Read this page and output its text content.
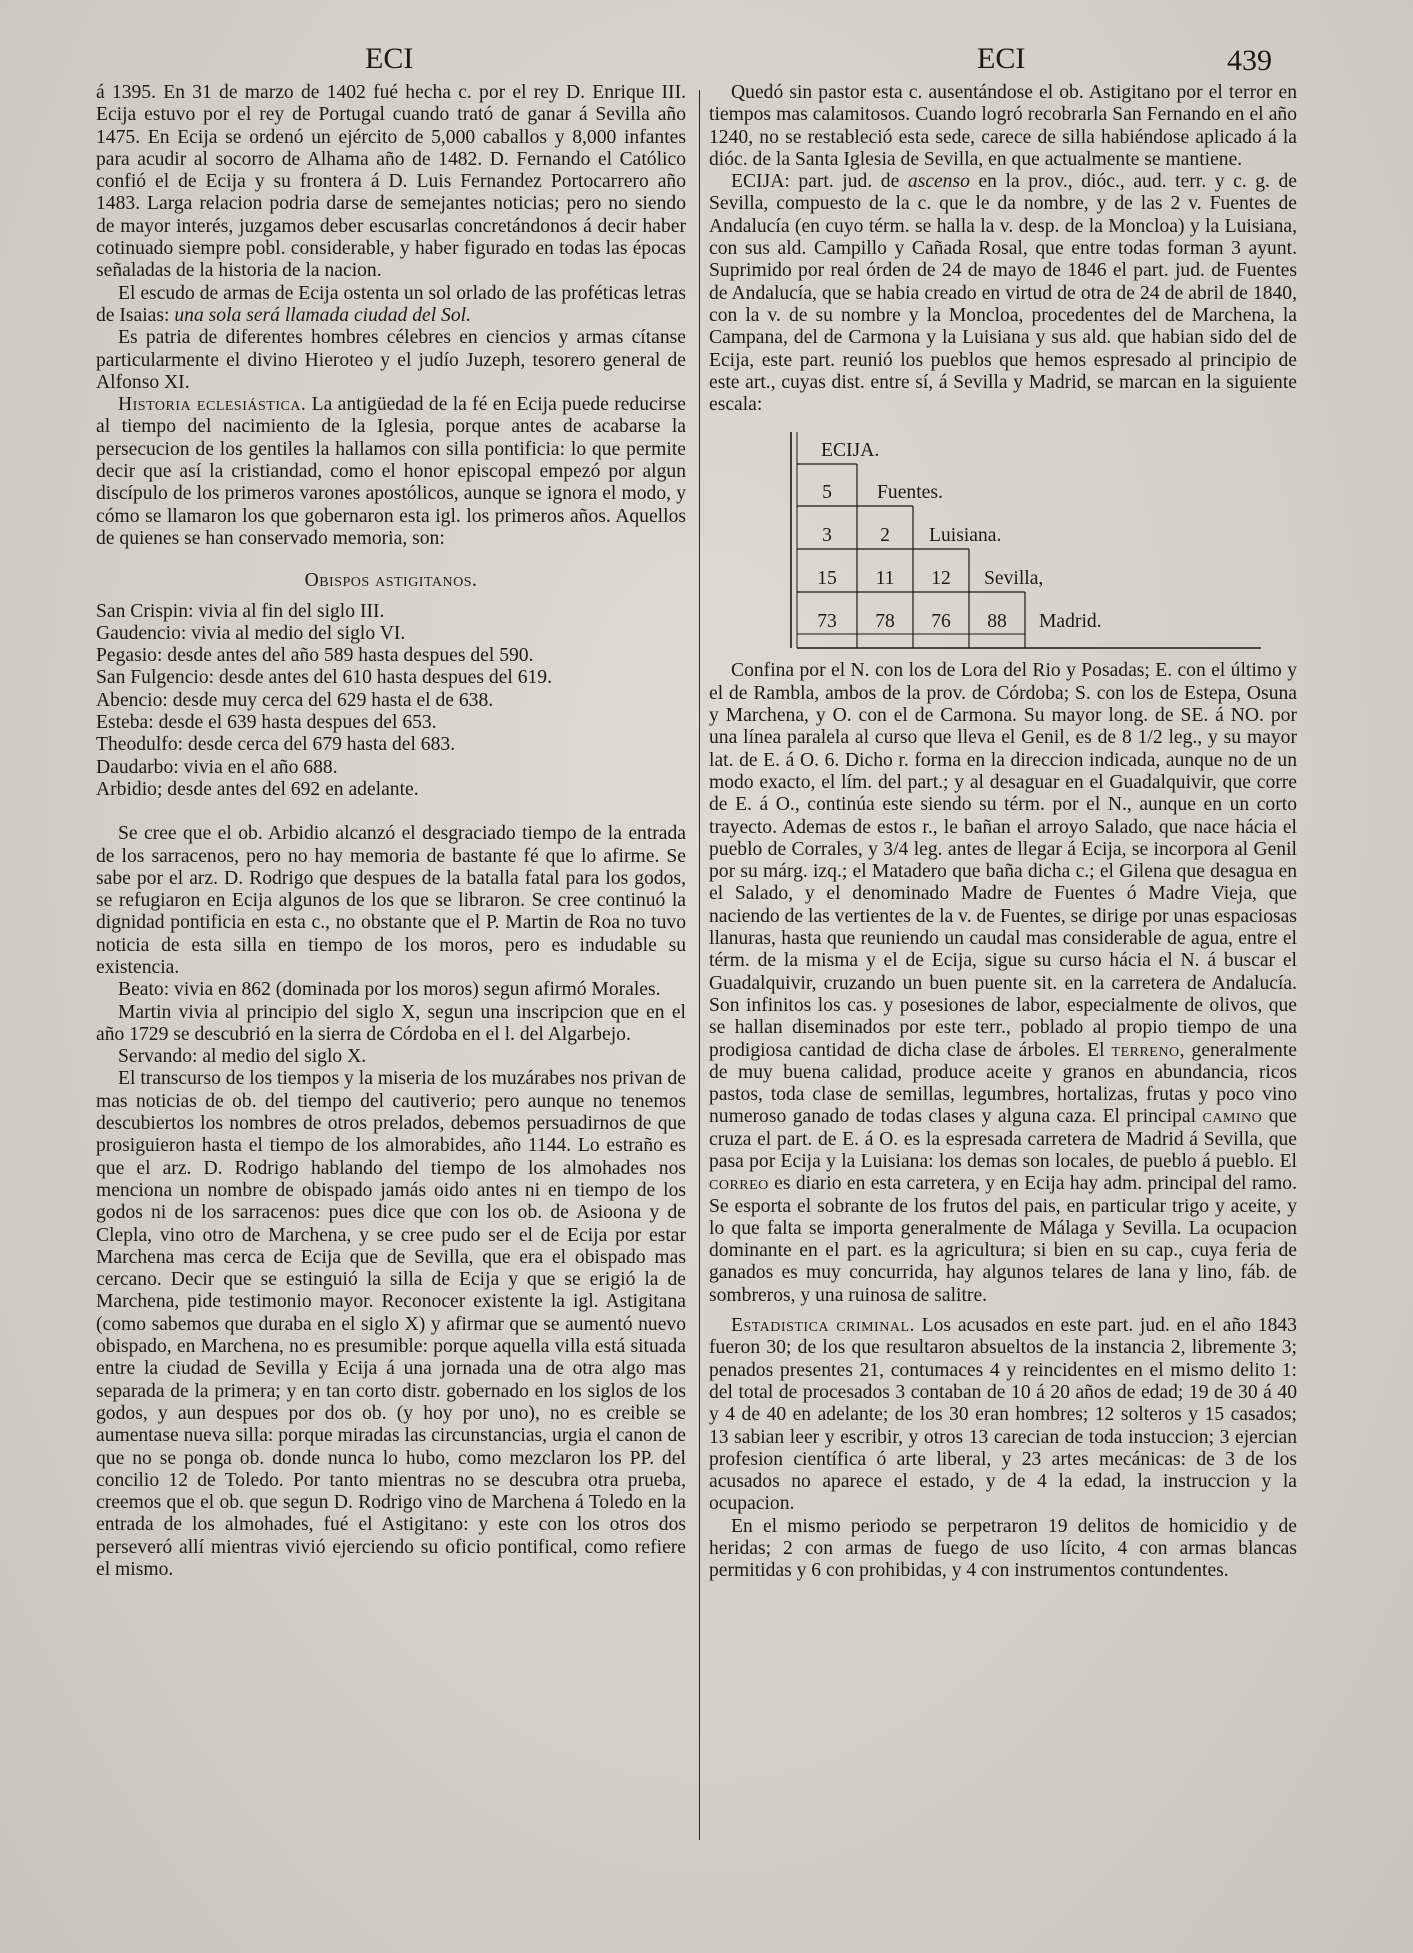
ECI	ECI	439

á 1395. En 31 de marzo de 1402 fué hecha c. por el rey D. Enrique III. Ecija estuvo por el rey de Portugal cuando trató de ganar á Sevilla año 1475. En Ecija se ordenó un ejército de 5,000 caballos y 8,000 infantes para acudir al socorro de Alhama año de 1482. D. Fernando el Católico confió el de Ecija y su frontera á D. Luis Fernandez Portocarrero año 1483. Larga relacion podria darse de semejantes noticias; pero no siendo de mayor interés, juzgamos deber escusarlas concretándonos á decir haber cotinuado siempre pobl. considerable, y haber figurado en todas las épocas señaladas de la historia de la nacion.

El escudo de armas de Ecija ostenta un sol orlado de las proféticas letras de Isaias: una sola será llamada ciudad del Sol.

Es patria de diferentes hombres célebres en ciencios y armas cítanse particularmente el divino Hieroteo y el judío Juzeph, tesorero general de Alfonso XI.

Historia eclesiástica. La antigüedad de la fé en Ecija puede reducirse al tiempo del nacimiento de la Iglesia, porque antes de acabarse la persecucion de los gentiles la hallamos con silla pontificia: lo que permite decir que así la cristiandad, como el honor episcopal empezó por algun discípulo de los primeros varones apostólicos, aunque se ignora el modo, y cómo se llamaron los que gobernaron esta igl. los primeros años. Aquellos de quienes se han conservado memoria, son:

Obispos astigitanos.

San Crispin: vivia al fin del siglo III.

Gaudencio: vivia al medio del siglo VI.

Pegasio: desde antes del año 589 hasta despues del 590.

San Fulgencio: desde antes del 610 hasta despues del 619.

Abencio: desde muy cerca del 629 hasta el de 638.

Esteba: desde el 639 hasta despues del 653.

Theodulfo: desde cerca del 679 hasta del 683.

Daudarbo: vivia en el año 688.

Arbidio; desde antes del 692 en adelante.

Se cree que el ob. Arbidio alcanzó el desgraciado tiempo de la entrada de los sarracenos, pero no hay memoria de bastante fé que lo afirme. Se sabe por el arz. D. Rodrigo que despues de la batalla fatal para los godos, se refugiaron en Ecija algunos de los que se libraron. Se cree continuó la dignidad pontificia en esta c., no obstante que el P. Martin de Roa no tuvo noticia de esta silla en tiempo de los moros, pero es indudable su existencia.

Beato: vivia en 862 (dominada por los moros) segun afirmó Morales.

Martin vivia al principio del siglo X, segun una inscripcion que en el año 1729 se descubrió en la sierra de Córdoba en el l. del Algarbejo.

Servando: al medio del siglo X.

El transcurso de los tiempos y la miseria de los muzárabes nos privan de mas noticias de ob. del tiempo del cautiverio; pero aunque no tenemos descubiertos los nombres de otros prelados, debemos persuadirnos de que prosiguieron hasta el tiempo de los almorabides, año 1144. Lo estraño es que el arz. D. Rodrigo hablando del tiempo de los almohades nos menciona un nombre de obispado jamás oido antes ni en tiempo de los godos ni de los sarracenos: pues dice que con los ob. de Asioona y de Clepla, vino otro de Marchena, y se cree pudo ser el de Ecija por estar Marchena mas cerca de Ecija que de Sevilla, que era el obispado mas cercano. Decir que se estinguió la silla de Ecija y que se erigió la de Marchena, pide testimonio mayor. Reconocer existente la igl. Astigitana (como sabemos que duraba en el siglo X) y afirmar que se aumentó nuevo obispado, en Marchena, no es presumible: porque aquella villa está situada entre la ciudad de Sevilla y Ecija á una jornada una de otra algo mas separada de la primera; y en tan corto distr. gobernado en los siglos de los godos, y aun despues por dos ob. (y hoy por uno), no es creible se aumentase nueva silla: porque miradas las circunstancias, urgia el canon de que no se ponga ob. donde nunca lo hubo, como mezclaron los PP. del concilio 12 de Toledo. Por tanto mientras no se descubra otra prueba, creemos que el ob. que segun D. Rodrigo vino de Marchena á Toledo en la entrada de los almohades, fué el Astigitano: y este con los otros dos perseveró allí mientras vivió ejerciendo su oficio pontifical, como refiere el mismo.

Quedó sin pastor esta c. ausentándose el ob. Astigitano por el terror en tiempos mas calamitosos. Cuando logró recobrarla San Fernando en el año 1240, no se restableció esta sede, carece de silla habiéndose aplicado á la dióc. de la Santa Iglesia de Sevilla, en que actualmente se mantiene.

ECIJA: part. jud. de ascenso en la prov., dióc., aud. terr. y c. g. de Sevilla, compuesto de la c. que le da nombre, y de las 2 v. Fuentes de Andalucía (en cuyo térm. se halla la v. desp. de la Moncloa) y la Luisiana, con sus ald. Campillo y Cañada Rosal, que entre todas forman 3 ayunt. Suprimido por real órden de 24 de mayo de 1846 el part. jud. de Fuentes de Andalucía, que se habia creado en virtud de otra de 24 de abril de 1840, con la v. de su nombre y la Moncloa, procedentes del de Marchena, la Campana, del de Carmona y la Luisiana y sus ald. que habian sido del de Ecija, este part. reunió los pueblos que hemos espresado al principio de este art., cuyas dist. entre sí, á Sevilla y Madrid, se marcan en la siguiente escala:

ECIJA.
Fuentes.
Luisiana.
Sevilla,
Madrid.
5
3 2
15 11 12
73 78 76 88

Confina por el N. con los de Lora del Rio y Posadas; E. con el último y el de Rambla, ambos de la prov. de Córdoba; S. con los de Estepa, Osuna y Marchena, y O. con el de Carmona. Su mayor long. de SE. á NO. por una línea paralela al curso que lleva el Genil, es de 8 1/2 leg., y su mayor lat. de E. á O. 6. Dicho r. forma en la direccion indicada, aunque no de un modo exacto, el lím. del part.; y al desaguar en el Guadalquivir, que corre de E. á O., continúa este siendo su térm. por el N., aunque en un corto trayecto. Ademas de estos r., le bañan el arroyo Salado, que nace hácia el pueblo de Corrales, y 3/4 leg. antes de llegar á Ecija, se incorpora al Genil por su márg. izq.; el Matadero que baña dicha c.; el Gilena que desagua en el Salado, y el denominado Madre de Fuentes ó Madre Vieja, que naciendo de las vertientes de la v. de Fuentes, se dirige por unas espaciosas llanuras, hasta que reuniendo un caudal mas considerable de agua, entre el térm. de la misma y el de Ecija, sigue su curso hácia el N. á buscar el Guadalquivir, cruzando un buen puente sit. en la carretera de Andalucía. Son infinitos los cas. y posesiones de labor, especialmente de olivos, que se hallan diseminados por este terr., poblado al propio tiempo de una prodigiosa cantidad de dicha clase de árboles. El terreno, generalmente de muy buena calidad, produce aceite y granos en abundancia, ricos pastos, toda clase de semillas, legumbres, hortalizas, frutas y poco vino numeroso ganado de todas clases y alguna caza. El principal camino que cruza el part. de E. á O. es la espresada carretera de Madrid á Sevilla, que pasa por Ecija y la Luisiana: los demas son locales, de pueblo á pueblo. El correo es diario en esta carretera, y en Ecija hay adm. principal del ramo. Se esporta el sobrante de los frutos del pais, en particular trigo y aceite, y lo que falta se importa generalmente de Málaga y Sevilla. La ocupacion dominante en el part. es la agricultura; si bien en su cap., cuya feria de ganados es muy concurrida, hay algunos telares de lana y lino, fáb. de sombreros, y una ruinosa de salitre.

Estadistica criminal. Los acusados en este part. jud. en el año 1843 fueron 30; de los que resultaron absueltos de la instancia 2, libremente 3; penados presentes 21, contumaces 4 y reincidentes en el mismo delito 1: del total de procesados 3 contaban de 10 á 20 años de edad; 19 de 30 á 40 y 4 de 40 en adelante; de los 30 eran hombres; 12 solteros y 15 casados; 13 sabian leer y escribir, y otros 13 carecian de toda instuccion; 3 ejercian profesion científica ó arte liberal, y 23 artes mecánicas: de 3 de los acusados no aparece el estado, y de 4 la edad, la instruccion y la ocupacion.

En el mismo periodo se perpetraron 19 delitos de homicidio y de heridas; 2 con armas de fuego de uso lícito, 4 con armas blancas permitidas y 6 con prohibidas, y 4 con instrumentos contundentes.
